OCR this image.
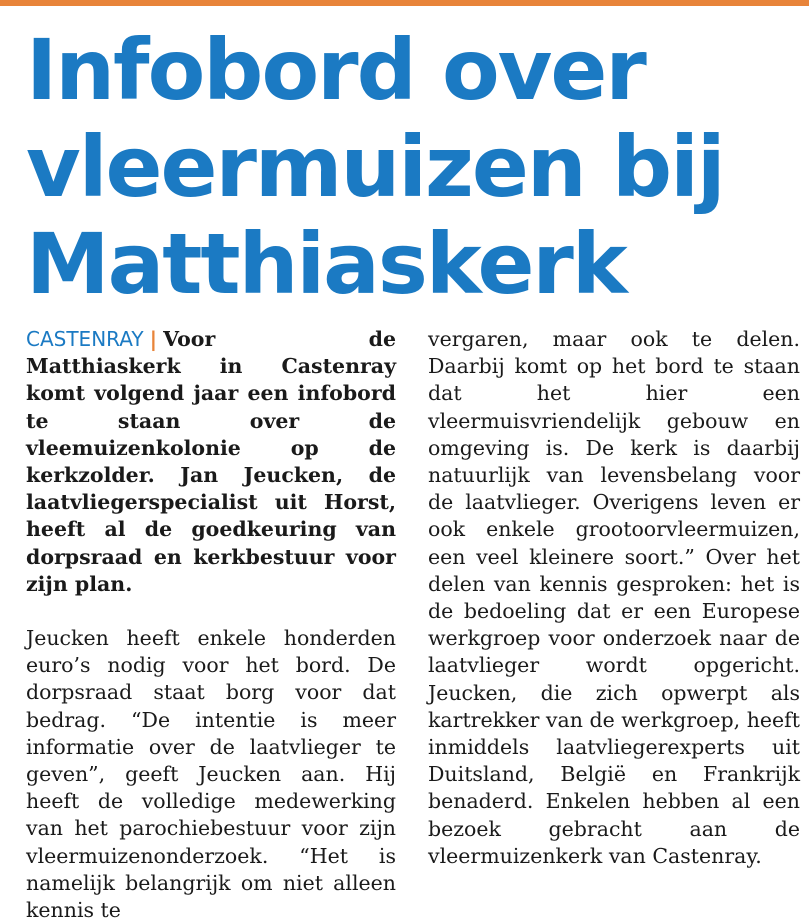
Infobord over
vleermuizen bij
Matthiaskerk

CASTENRAY | Voor de Matthiaskerk in Castenray komt volgend jaar een infobord te staan over de vleemuizenkolonie op de kerkzolder. Jan Jeucken, de laatvliegerspecialist uit Horst, heeft al de goedkeuring van dorpsraad en kerkbestuur voor zijn plan.

Jeucken heeft enkele honderden euro’s nodig voor het bord. De dorpsraad staat borg voor dat bedrag. “De intentie is meer informatie over de laatvlieger te geven”, geeft Jeucken aan. Hij heeft de volledige medewerking van het parochiebestuur voor zijn vleermuizenonderzoek. “Het is namelijk belangrijk om niet alleen kennis te

vergaren, maar ook te delen. Daarbij komt op het bord te staan dat het hier een vleermuisvriendelijk gebouw en omgeving is. De kerk is daarbij natuurlijk van levensbelang voor de laatvlieger. Overigens leven er ook enkele grootoorvleermuizen, een veel kleinere soort.” Over het delen van kennis gesproken: het is de bedoeling dat er een Europese werkgroep voor onderzoek naar de laatvlieger wordt opgericht. Jeucken, die zich opwerpt als kartrekker van de werkgroep, heeft inmiddels laatvliegerexperts uit Duitsland, België en Frankrijk benaderd. Enkelen hebben al een bezoek gebracht aan de vleermuizenkerk van Castenray.
